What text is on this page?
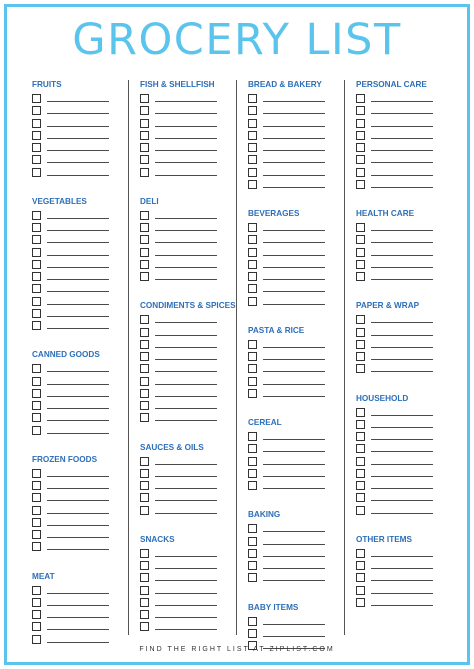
GROCERY LIST
FRUITS
VEGETABLES
CANNED GOODS
FROZEN FOODS
MEAT
FISH & SHELLFISH
DELI
CONDIMENTS & SPICES
SAUCES & OILS
SNACKS
BREAD & BAKERY
BEVERAGES
PASTA & RICE
CEREAL
BAKING
BABY ITEMS
PERSONAL CARE
HEALTH CARE
PAPER & WRAP
HOUSEHOLD
OTHER ITEMS
FIND THE RIGHT LIST AT ZIPLIST.COM
